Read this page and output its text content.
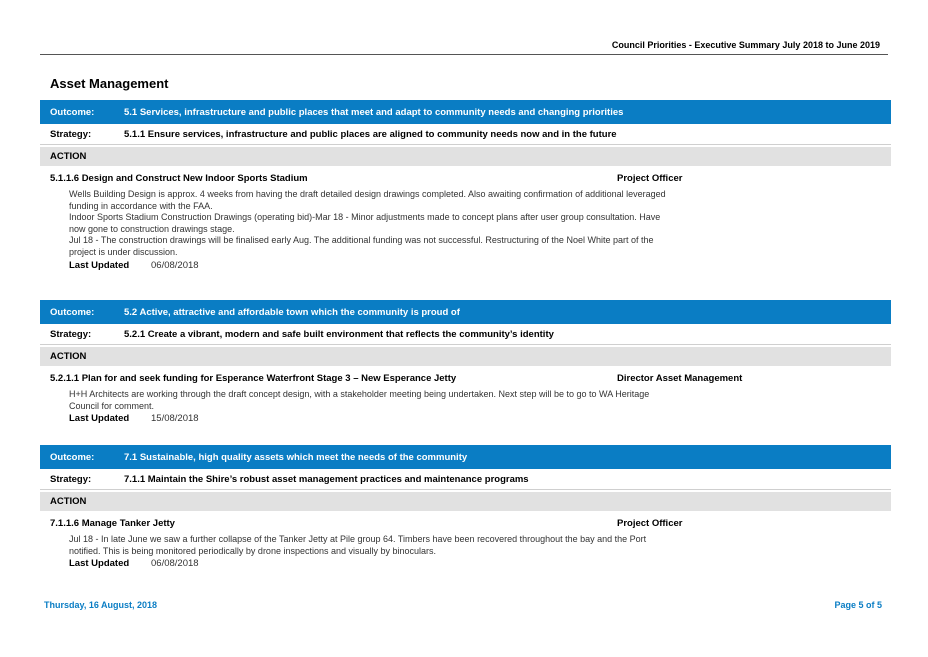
Council Priorities - Executive Summary July 2018 to June 2019
Asset Management
Outcome:	5.1 Services, infrastructure and public places that meet and adapt to community needs and changing priorities
Strategy:	5.1.1 Ensure services, infrastructure and public places are aligned to community needs now and in the future
ACTION
5.1.1.6 Design and Construct New Indoor Sports Stadium	Project Officer
Wells Building Design is approx. 4 weeks from having the draft detailed design drawings completed. Also awaiting confirmation of additional leveraged
funding in accordance with the FAA.
Indoor Sports Stadium Construction Drawings (operating bid)-Mar 18 - Minor adjustments made to concept plans after user group consultation. Have
now gone to construction drawings stage.
Jul 18 - The construction drawings will be finalised early Aug. The additional funding was not successful. Restructuring of the Noel White part of the
project is under discussion.
Last Updated	06/08/2018
Outcome:	5.2 Active, attractive and affordable town which the community is proud of
Strategy:	5.2.1 Create a vibrant, modern and safe built environment that reflects the community’s identity
ACTION
5.2.1.1 Plan for and seek funding for Esperance Waterfront Stage 3 – New Esperance Jetty	Director Asset Management
H+H Architects are working through the draft concept design, with a stakeholder meeting being undertaken. Next step will be to go to WA Heritage
Council for comment.
Last Updated	15/08/2018
Outcome:	7.1 Sustainable, high quality assets which meet the needs of the community
Strategy:	7.1.1 Maintain the Shire’s robust asset management practices and maintenance programs
ACTION
7.1.1.6 Manage Tanker Jetty	Project Officer
Jul 18 - In late June we saw a further collapse of the Tanker Jetty at Pile group 64. Timbers have been recovered throughout the bay and the Port
notified. This is being monitored periodically by drone inspections and visually by binoculars.
Last Updated	06/08/2018
Thursday, 16 August, 2018	Page 5 of 5
